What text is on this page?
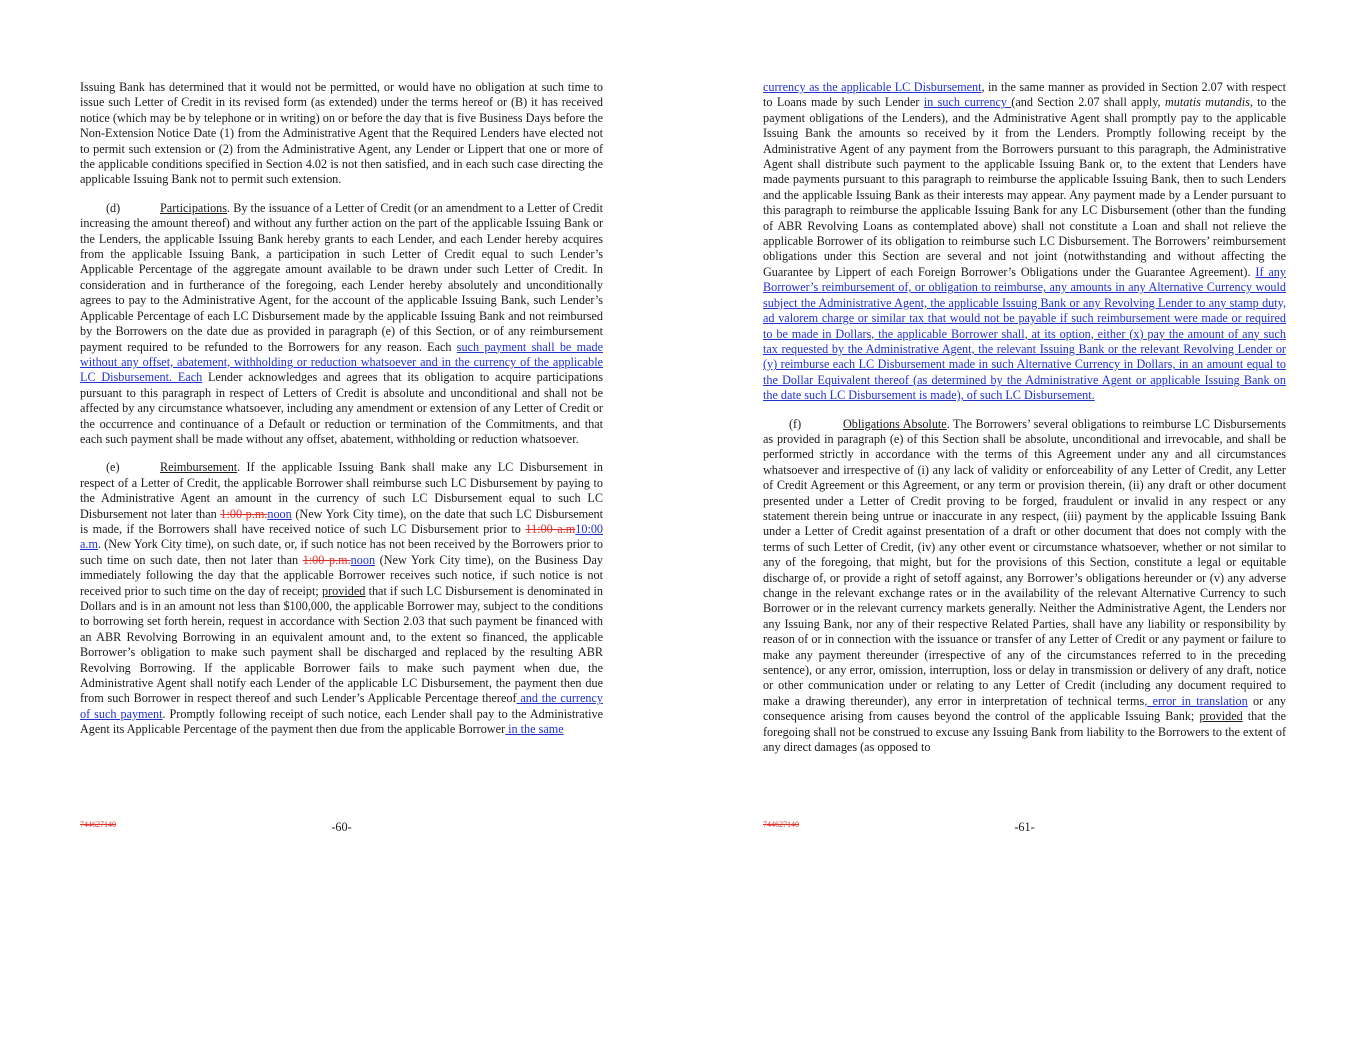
Issuing Bank has determined that it would not be permitted, or would have no obligation at such time to issue such Letter of Credit in its revised form (as extended) under the terms hereof or (B) it has received notice (which may be by telephone or in writing) on or before the day that is five Business Days before the Non-Extension Notice Date (1) from the Administrative Agent that the Required Lenders have elected not to permit such extension or (2) from the Administrative Agent, any Lender or Lippert that one or more of the applicable conditions specified in Section 4.02 is not then satisfied, and in each such case directing the applicable Issuing Bank not to permit such extension.

(d)	Participations. By the issuance of a Letter of Credit (or an amendment to a Letter of Credit increasing the amount thereof) and without any further action on the part of the applicable Issuing Bank or the Lenders, the applicable Issuing Bank hereby grants to each Lender, and each Lender hereby acquires from the applicable Issuing Bank, a participation in such Letter of Credit equal to such Lender’s Applicable Percentage of the aggregate amount available to be drawn under such Letter of Credit. In consideration and in furtherance of the foregoing, each Lender hereby absolutely and unconditionally agrees to pay to the Administrative Agent, for the account of the applicable Issuing Bank, such Lender’s Applicable Percentage of each LC Disbursement made by the applicable Issuing Bank and not reimbursed by the Borrowers on the date due as provided in paragraph (e) of this Section, or of any reimbursement payment required to be refunded to the Borrowers for any reason. Each such payment shall be made without any offset, abatement, withholding or reduction whatsoever and in the currency of the applicable LC Disbursement. Each Lender acknowledges and agrees that its obligation to acquire participations pursuant to this paragraph in respect of Letters of Credit is absolute and unconditional and shall not be affected by any circumstance whatsoever, including any amendment or extension of any Letter of Credit or the occurrence and continuance of a Default or reduction or termination of the Commitments, and that each such payment shall be made without any offset, abatement, withholding or reduction whatsoever.

(e)	Reimbursement. If the applicable Issuing Bank shall make any LC Disbursement in respect of a Letter of Credit, the applicable Borrower shall reimburse such LC Disbursement by paying to the Administrative Agent an amount in the currency of such LC Disbursement equal to such LC Disbursement not later than 1:00 p.m.noon (New York City time), on the date that such LC Disbursement is made, if the Borrowers shall have received notice of such LC Disbursement prior to 11:00 a.m10:00 a.m. (New York City time), on such date, or, if such notice has not been received by the Borrowers prior to such time on such date, then not later than 1:00 p.m.noon (New York City time), on the Business Day immediately following the day that the applicable Borrower receives such notice, if such notice is not received prior to such time on the day of receipt; provided that if such LC Disbursement is denominated in Dollars and is in an amount not less than $100,000, the applicable Borrower may, subject to the conditions to borrowing set forth herein, request in accordance with Section 2.03 that such payment be financed with an ABR Revolving Borrowing in an equivalent amount and, to the extent so financed, the applicable Borrower’s obligation to make such payment shall be discharged and replaced by the resulting ABR Revolving Borrowing. If the applicable Borrower fails to make such payment when due, the Administrative Agent shall notify each Lender of the applicable LC Disbursement, the payment then due from such Borrower in respect thereof and such Lender’s Applicable Percentage thereof and the currency of such payment. Promptly following receipt of such notice, each Lender shall pay to the Administrative Agent its Applicable Percentage of the payment then due from the applicable Borrower in the same

744627140	-60-

currency as the applicable LC Disbursement, in the same manner as provided in Section 2.07 with respect to Loans made by such Lender in such currency (and Section 2.07 shall apply, mutatis mutandis, to the payment obligations of the Lenders), and the Administrative Agent shall promptly pay to the applicable Issuing Bank the amounts so received by it from the Lenders. Promptly following receipt by the Administrative Agent of any payment from the Borrowers pursuant to this paragraph, the Administrative Agent shall distribute such payment to the applicable Issuing Bank or, to the extent that Lenders have made payments pursuant to this paragraph to reimburse the applicable Issuing Bank, then to such Lenders and the applicable Issuing Bank as their interests may appear. Any payment made by a Lender pursuant to this paragraph to reimburse the applicable Issuing Bank for any LC Disbursement (other than the funding of ABR Revolving Loans as contemplated above) shall not constitute a Loan and shall not relieve the applicable Borrower of its obligation to reimburse such LC Disbursement. The Borrowers’ reimbursement obligations under this Section are several and not joint (notwithstanding and without affecting the Guarantee by Lippert of each Foreign Borrower’s Obligations under the Guarantee Agreement). If any Borrower’s reimbursement of, or obligation to reimburse, any amounts in any Alternative Currency would subject the Administrative Agent, the applicable Issuing Bank or any Revolving Lender to any stamp duty, ad valorem charge or similar tax that would not be payable if such reimbursement were made or required to be made in Dollars, the applicable Borrower shall, at its option, either (x) pay the amount of any such tax requested by the Administrative Agent, the relevant Issuing Bank or the relevant Revolving Lender or (y) reimburse each LC Disbursement made in such Alternative Currency in Dollars, in an amount equal to the Dollar Equivalent thereof (as determined by the Administrative Agent or applicable Issuing Bank on the date such LC Disbursement is made), of such LC Disbursement.

(f)	Obligations Absolute. The Borrowers’ several obligations to reimburse LC Disbursements as provided in paragraph (e) of this Section shall be absolute, unconditional and irrevocable, and shall be performed strictly in accordance with the terms of this Agreement under any and all circumstances whatsoever and irrespective of (i) any lack of validity or enforceability of any Letter of Credit, any Letter of Credit Agreement or this Agreement, or any term or provision therein, (ii) any draft or other document presented under a Letter of Credit proving to be forged, fraudulent or invalid in any respect or any statement therein being untrue or inaccurate in any respect, (iii) payment by the applicable Issuing Bank under a Letter of Credit against presentation of a draft or other document that does not comply with the terms of such Letter of Credit, (iv) any other event or circumstance whatsoever, whether or not similar to any of the foregoing, that might, but for the provisions of this Section, constitute a legal or equitable discharge of, or provide a right of setoff against, any Borrower’s obligations hereunder or (v) any adverse change in the relevant exchange rates or in the availability of the relevant Alternative Currency to such Borrower or in the relevant currency markets generally. Neither the Administrative Agent, the Lenders nor any Issuing Bank, nor any of their respective Related Parties, shall have any liability or responsibility by reason of or in connection with the issuance or transfer of any Letter of Credit or any payment or failure to make any payment thereunder (irrespective of any of the circumstances referred to in the preceding sentence), or any error, omission, interruption, loss or delay in transmission or delivery of any draft, notice or other communication under or relating to any Letter of Credit (including any document required to make a drawing thereunder), any error in interpretation of technical terms, error in translation or any consequence arising from causes beyond the control of the applicable Issuing Bank; provided that the foregoing shall not be construed to excuse any Issuing Bank from liability to the Borrowers to the extent of any direct damages (as opposed to

744627140	-61-
